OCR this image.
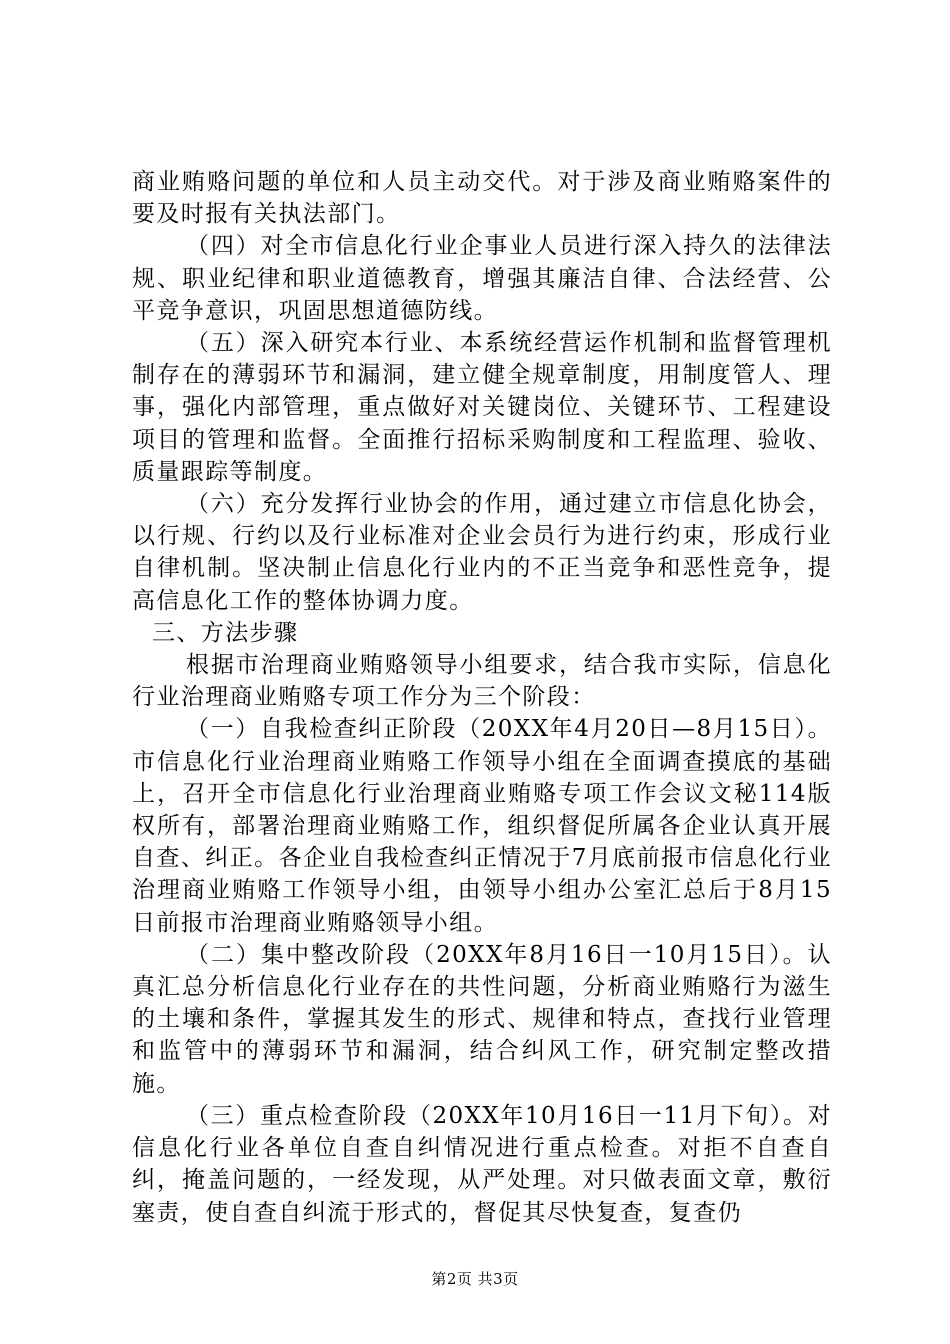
商业贿赂问题的单位和人员主动交代。对于涉及商业贿赂案件的要及时报有关执法部门。

（四）对全市信息化行业企事业人员进行深入持久的法律法规、职业纪律和职业道德教育，增强其廉洁自律、合法经营、公平竞争意识，巩固思想道德防线。

（五）深入研究本行业、本系统经营运作机制和监督管理机制存在的薄弱环节和漏洞，建立健全规章制度，用制度管人、理事，强化内部管理，重点做好对关键岗位、关键环节、工程建设项目的管理和监督。全面推行招标采购制度和工程监理、验收、质量跟踪等制度。

（六）充分发挥行业协会的作用，通过建立市信息化协会，以行规、行约以及行业标准对企业会员行为进行约束，形成行业自律机制。坚决制止信息化行业内的不正当竞争和恶性竞争，提高信息化工作的整体协调力度。

三、方法步骤

根据市治理商业贿赂领导小组要求，结合我市实际，信息化行业治理商业贿赂专项工作分为三个阶段：

（一）自我检查纠正阶段（20XX年4月20日—8月15日）。市信息化行业治理商业贿赂工作领导小组在全面调查摸底的基础上，召开全市信息化行业治理商业贿赂专项工作会议文秘114版权所有，部署治理商业贿赂工作，组织督促所属各企业认真开展自查、纠正。各企业自我检查纠正情况于7月底前报市信息化行业治理商业贿赂工作领导小组，由领导小组办公室汇总后于8月15日前报市治理商业贿赂领导小组。

（二）集中整改阶段（20XX年8月16日一10月15日）。认真汇总分析信息化行业存在的共性问题，分析商业贿赂行为滋生的土壤和条件，掌握其发生的形式、规律和特点，查找行业管理和监管中的薄弱环节和漏洞，结合纠风工作，研究制定整改措施。

（三）重点检查阶段（20XX年10月16日一11月下旬）。对信息化行业各单位自查自纠情况进行重点检查。对拒不自查自纠，掩盖问题的，一经发现，从严处理。对只做表面文章，敷衍塞责，使自查自纠流于形式的，督促其尽快复查，复查仍

第2页 共3页
